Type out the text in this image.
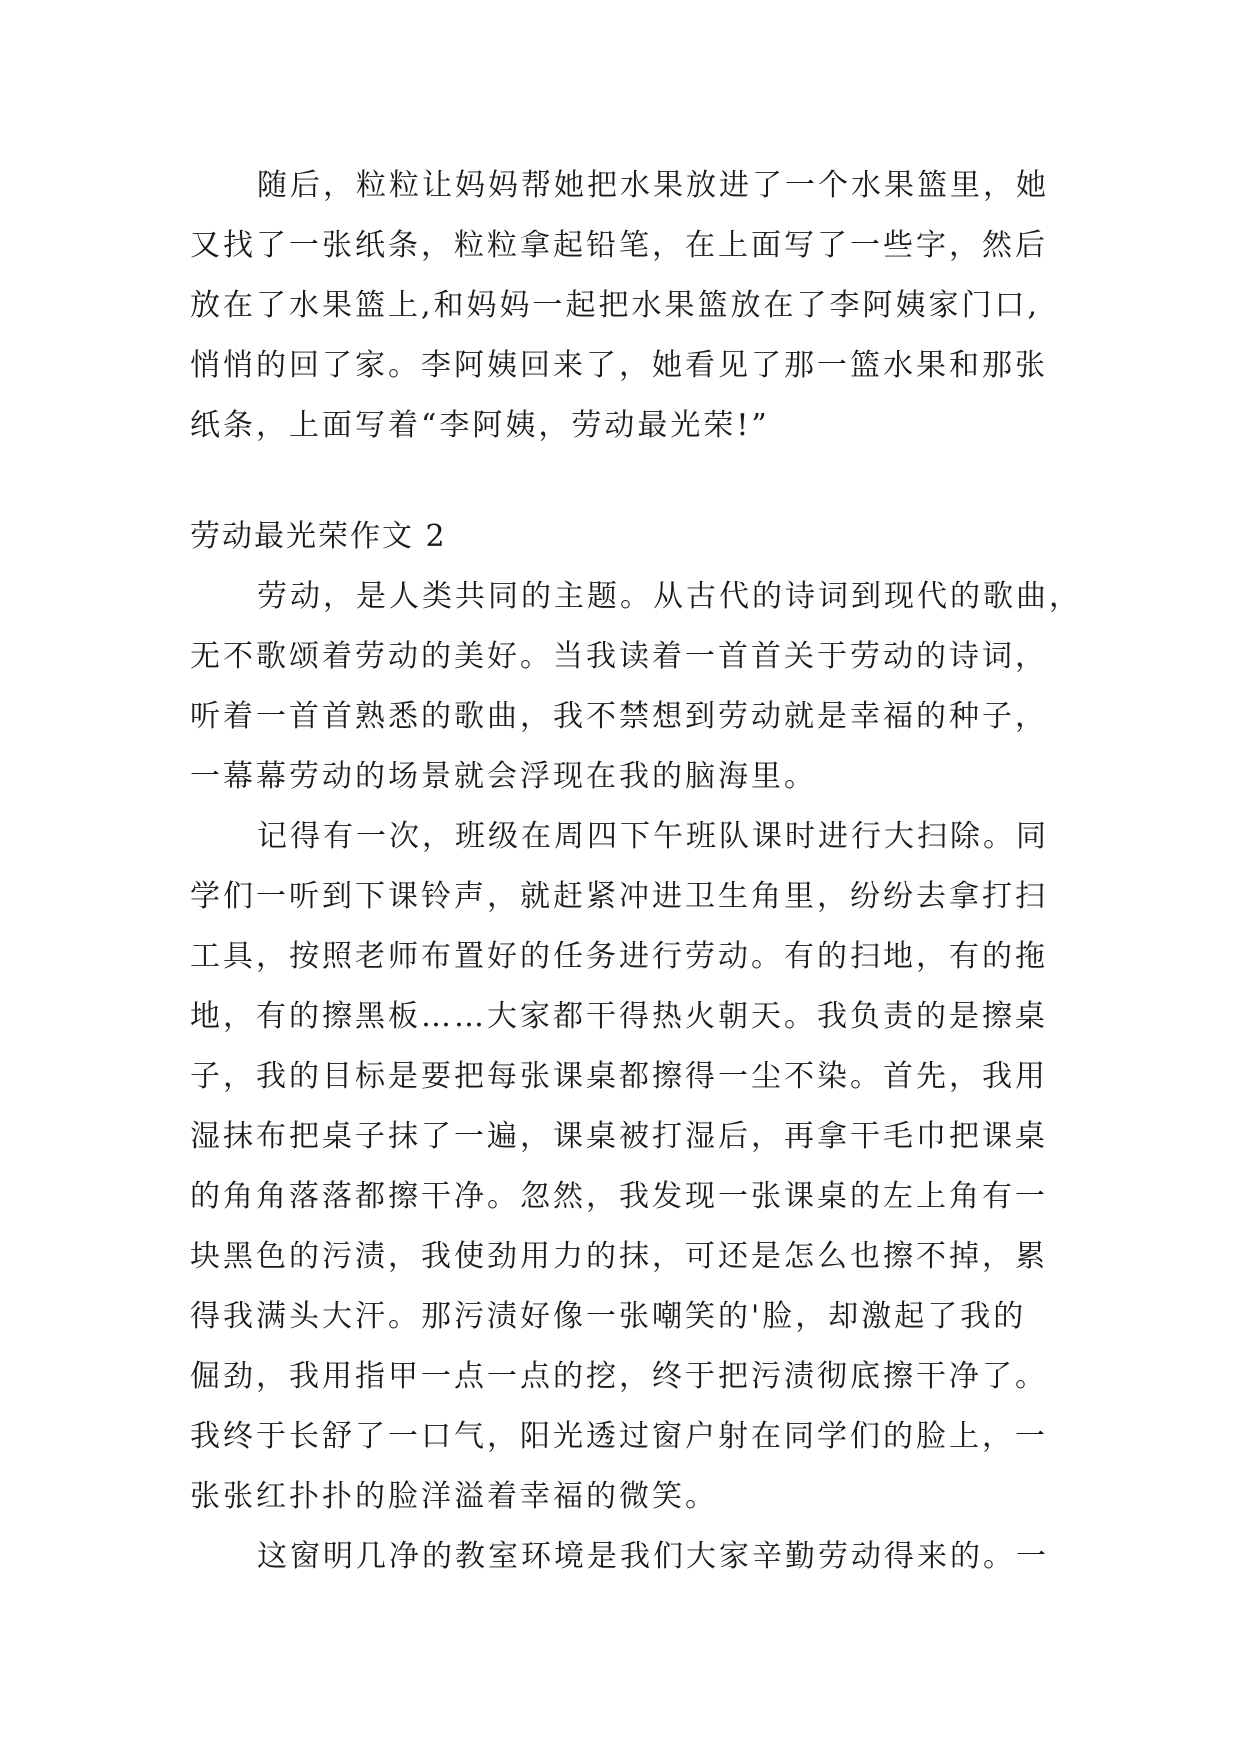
随后，粒粒让妈妈帮她把水果放进了一个水果篮里，她
又找了一张纸条，粒粒拿起铅笔，在上面写了一些字，然后
放在了水果篮上,和妈妈一起把水果篮放在了李阿姨家门口,
悄悄的回了家。李阿姨回来了，她看见了那一篮水果和那张
纸条，上面写着“李阿姨，劳动最光荣!”
劳动最光荣作文 2
劳动，是人类共同的主题。从古代的诗词到现代的歌曲，
无不歌颂着劳动的美好。当我读着一首首关于劳动的诗词，
听着一首首熟悉的歌曲，我不禁想到劳动就是幸福的种子，
一幕幕劳动的场景就会浮现在我的脑海里。
记得有一次，班级在周四下午班队课时进行大扫除。同
学们一听到下课铃声，就赶紧冲进卫生角里，纷纷去拿打扫
工具，按照老师布置好的任务进行劳动。有的扫地，有的拖
地，有的擦黑板……大家都干得热火朝天。我负责的是擦桌
子，我的目标是要把每张课桌都擦得一尘不染。首先，我用
湿抹布把桌子抹了一遍，课桌被打湿后，再拿干毛巾把课桌
的角角落落都擦干净。忽然，我发现一张课桌的左上角有一
块黑色的污渍，我使劲用力的抹，可还是怎么也擦不掉，累
得我满头大汗。那污渍好像一张嘲笑的'脸，却激起了我的
倔劲，我用指甲一点一点的挖，终于把污渍彻底擦干净了。
我终于长舒了一口气，阳光透过窗户射在同学们的脸上，一
张张红扑扑的脸洋溢着幸福的微笑。
这窗明几净的教室环境是我们大家辛勤劳动得来的。一
